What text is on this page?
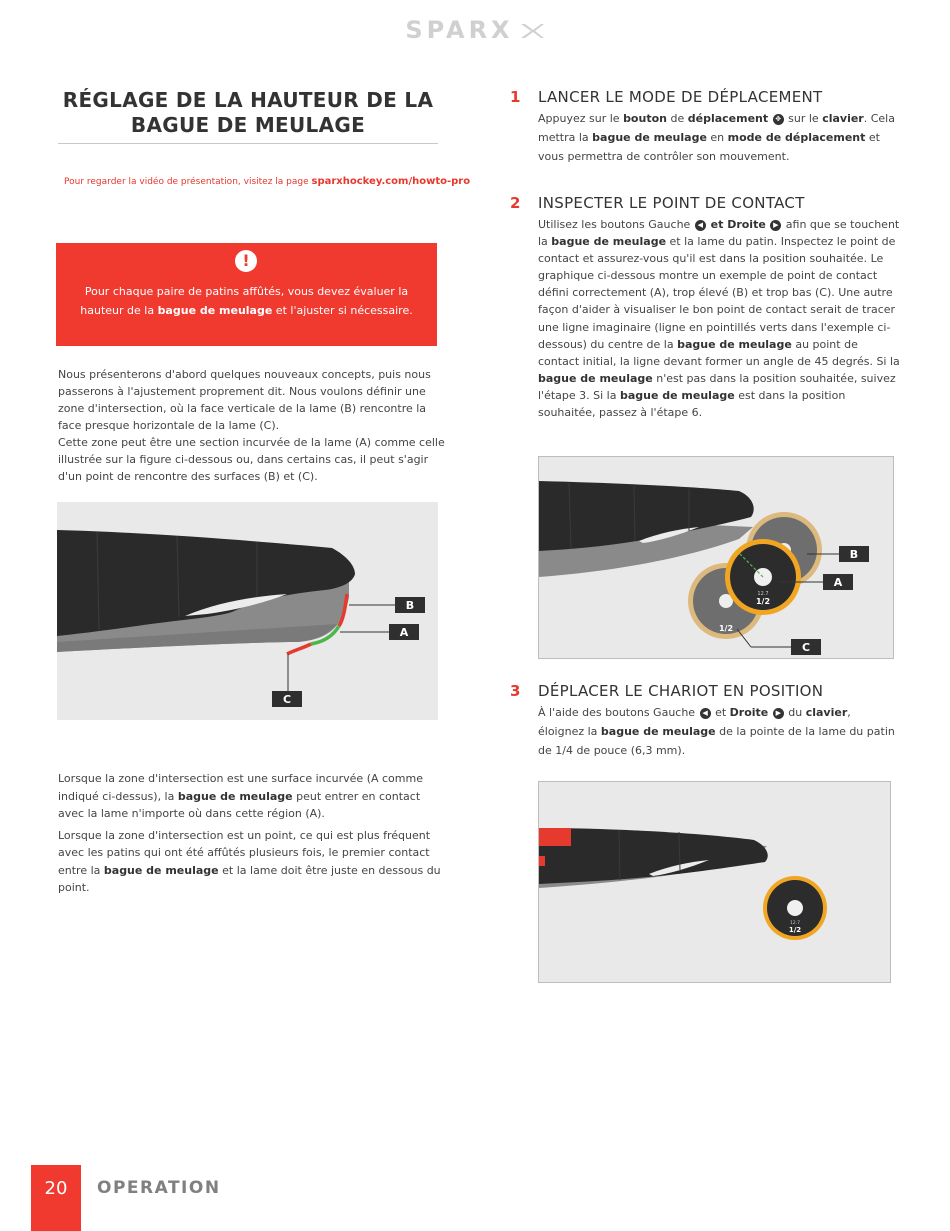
SPARX
RÉGLAGE DE LA HAUTEUR DE LA BAGUE DE MEULAGE
Pour regarder la vidéo de présentation, visitez la page
sparxhockey.com/howto-pro
!
Pour chaque paire de patins affûtés, vous devez évaluer la hauteur de la bague de meulage et l'ajuster si nécessaire.
Nous présenterons d'abord quelques nouveaux concepts, puis nous passerons à l'ajustement proprement dit. Nous voulons définir une zone d'intersection, où la face verticale de la lame (B) rencontre la face presque horizontale de la lame (C).
Cette zone peut être une section incurvée de la lame (A) comme celle illustrée sur la figure ci-dessous ou, dans certains cas, il peut s'agir d'un point de rencontre des surfaces (B) et (C).
B
A
C
Lorsque la zone d'intersection est une surface incurvée (A comme indiqué ci-dessus), la bague de meulage peut entrer en contact avec la lame n'importe où dans cette région (A).
Lorsque la zone d'intersection est un point, ce qui est plus fréquent avec les patins qui ont été affûtés plusieurs fois, le premier contact entre la bague de meulage et la lame doit être juste en dessous du point.
1 LANCER LE MODE DE DÉPLACEMENT
Appuyez sur le bouton de déplacement ✥ sur le clavier. Cela mettra la bague de meulage en mode de déplacement et vous permettra de contrôler son mouvement.
2 INSPECTER LE POINT DE CONTACT
Utilisez les boutons Gauche ◀ et Droite ▶ afin que se touchent la bague de meulage et la lame du patin. Inspectez le point de contact et assurez-vous qu'il est dans la position souhaitée. Le graphique ci-dessous montre un exemple de point de contact défini correctement (A), trop élevé (B) et trop bas (C). Une autre façon d'aider à visualiser le bon point de contact serait de tracer une ligne imaginaire (ligne en pointillés verts dans l'exemple ci-dessous) du centre de la bague de meulage au point de contact initial, la ligne devant former un angle de 45 degrés. Si la bague de meulage n'est pas dans la position souhaitée, suivez l'étape 3. Si la bague de meulage est dans la position souhaitée, passez à l'étape 6.
1/2
12.7
1/2
B
A
C
3 DÉPLACER LE CHARIOT EN POSITION
À l'aide des boutons Gauche ◀ et Droite ▶ du clavier, éloignez la bague de meulage de la pointe de la lame du patin de 1/4 de pouce (6,3 mm).
12.7
1/2
20	OPERATION
